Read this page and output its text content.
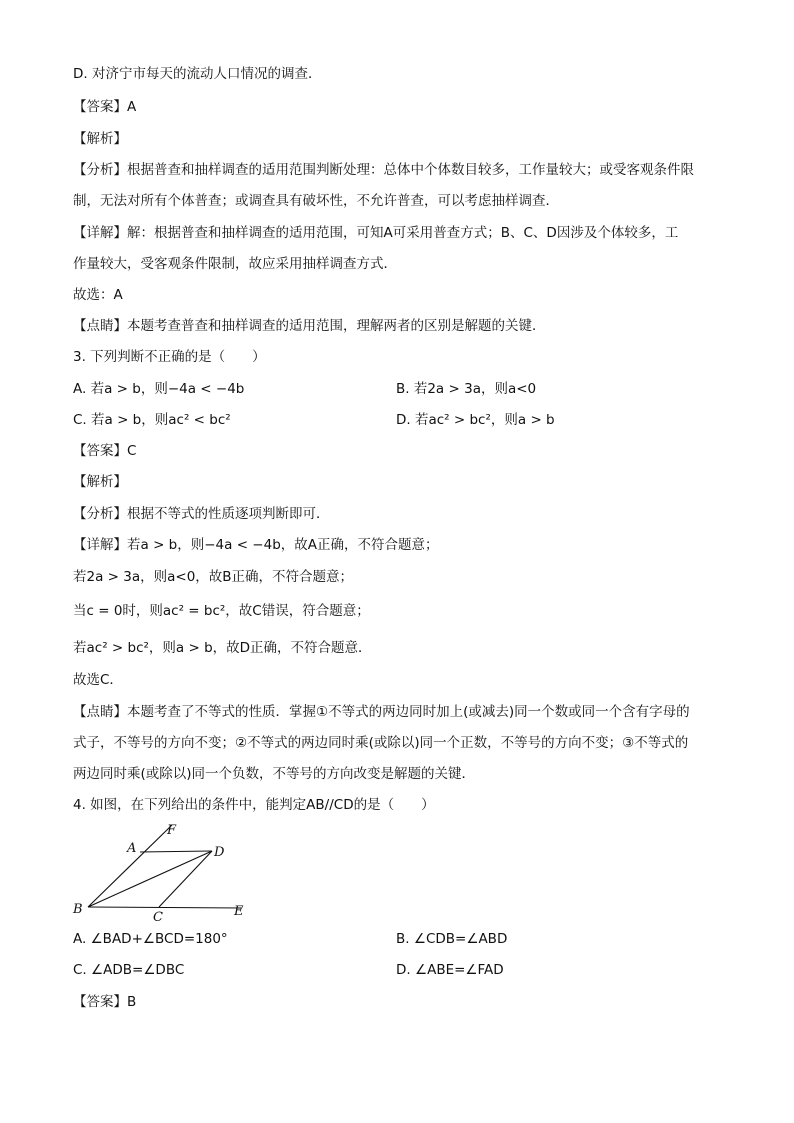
D. 对济宁市每天的流动人口情况的调查．
【答案】A
【解析】
【分析】根据普查和抽样调查的适用范围判断处理：总体中个体数目较多，工作量较大；或受客观条件限
制，无法对所有个体普查；或调查具有破坏性，不允许普查，可以考虑抽样调查．
【详解】解：根据普查和抽样调查的适用范围，可知A可采用普查方式；B、C、D因涉及个体较多，工
作量较大，受客观条件限制，故应采用抽样调查方式．
故选：A
【点睛】本题考查普查和抽样调查的适用范围，理解两者的区别是解题的关键．
3. 下列判断不正确的是（　　）
A. 若a > b，则−4a < −4b	B. 若2a > 3a，则a<0
C. 若a > b，则ac² < bc²	D. 若ac² > bc²，则a > b
【答案】C
【解析】
【分析】根据不等式的性质逐项判断即可．
【详解】若a > b，则−4a < −4b，故A正确，不符合题意；
若2a > 3a，则a<0，故B正确，不符合题意；
当c = 0时，则ac² = bc²，故C错误，符合题意；
若ac² > bc²，则a > b，故D正确，不符合题意．
故选C．
【点睛】本题考查了不等式的性质．掌握①不等式的两边同时加上(或减去)同一个数或同一个含有字母的
式子，不等号的方向不变；②不等式的两边同时乘(或除以)同一个正数，不等号的方向不变；③不等式的
两边同时乘(或除以)同一个负数，不等号的方向改变是解题的关键．
4. 如图，在下列给出的条件中，能判定AB//CD的是（　　）
F
A	D
B
C	E
A. ∠BAD+∠BCD=180°	B. ∠CDB=∠ABD
C. ∠ADB=∠DBC	D. ∠ABE=∠FAD
【答案】B
